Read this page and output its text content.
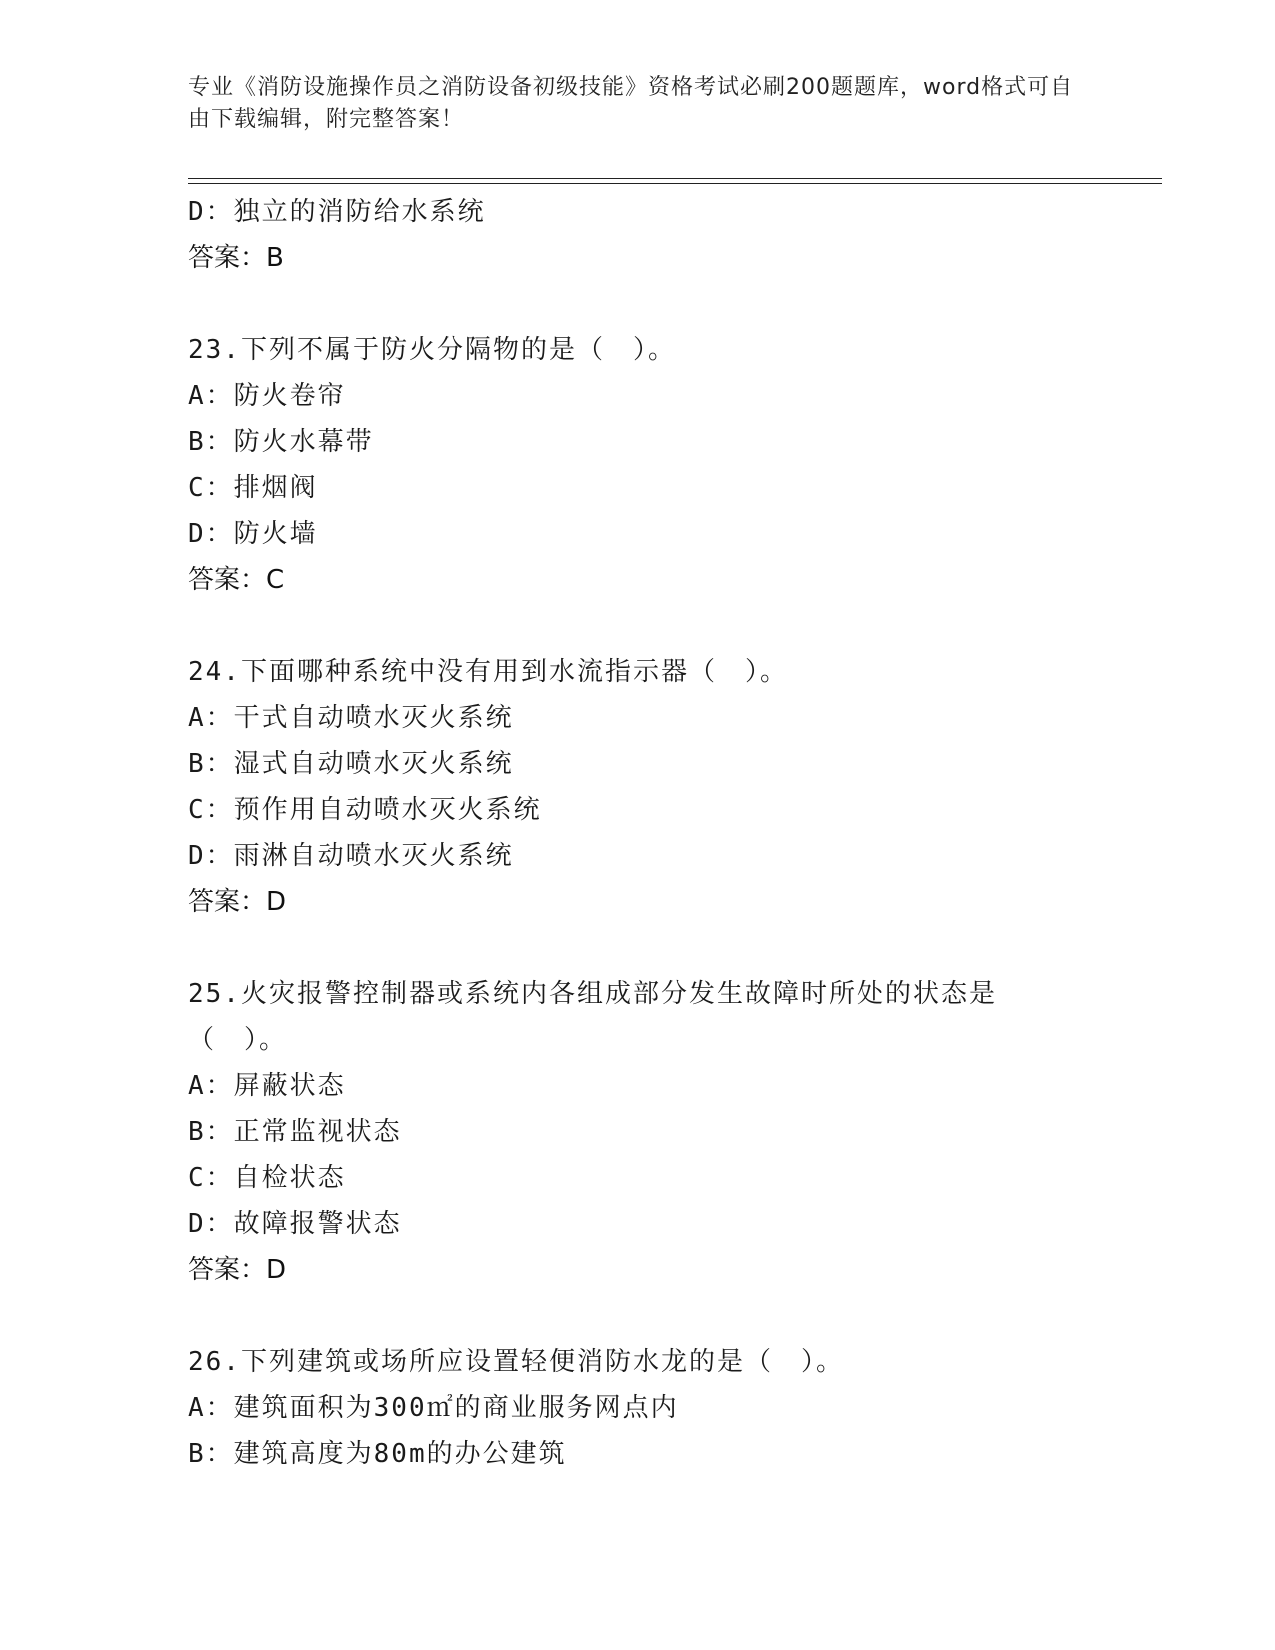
专业《消防设施操作员之消防设备初级技能》资格考试必刷200题题库，word格式可自由下载编辑，附完整答案！
D：独立的消防给水系统
答案：B
23.下列不属于防火分隔物的是（　）。
A：防火卷帘
B：防火水幕带
C：排烟阀
D：防火墙
答案：C
24.下面哪种系统中没有用到水流指示器（　）。
A：干式自动喷水灭火系统
B：湿式自动喷水灭火系统
C：预作用自动喷水灭火系统
D：雨淋自动喷水灭火系统
答案：D
25.火灾报警控制器或系统内各组成部分发生故障时所处的状态是（　）。
A：屏蔽状态
B：正常监视状态
C：自检状态
D：故障报警状态
答案：D
26.下列建筑或场所应设置轻便消防水龙的是（　）。
A：建筑面积为300㎡的商业服务网点内
B：建筑高度为80m的办公建筑
